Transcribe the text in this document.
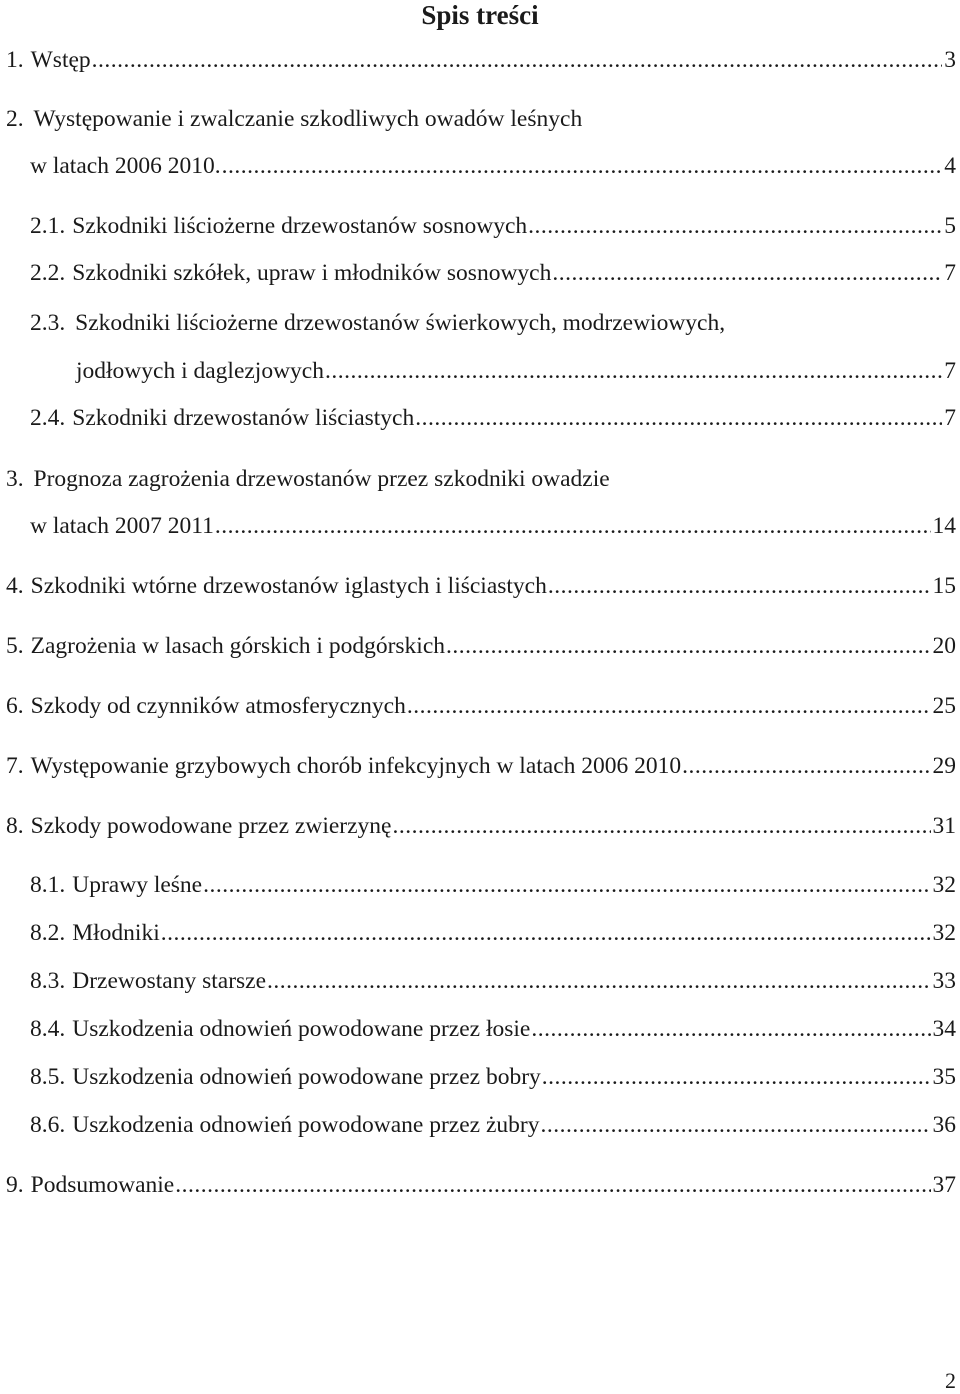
Spis treści
1. Wstęp .....	3
2. Występowanie i zwalczanie szkodliwych owadów leśnych
w latach 2006 2010. .....	4
2.1. Szkodniki liściożerne drzewostanów sosnowych .....	5
2.2. Szkodniki szkółek, upraw i młodników sosnowych .....	7
2.3. Szkodniki liściożerne drzewostanów świerkowych, modrzewiowych,
jodłowych i daglezjowych .....	7
2.4. Szkodniki drzewostanów liściastych .....	7
3. Prognoza zagrożenia drzewostanów przez szkodniki owadzie
w latach 2007 2011 .....	14
4. Szkodniki wtórne drzewostanów iglastych i liściastych .....	15
5. Zagrożenia w lasach górskich i podgórskich .....	20
6. Szkody od czynników atmosferycznych .....	25
7. Występowanie grzybowych chorób infekcyjnych w latach 2006 2010 .....	29
8. Szkody powodowane przez zwierzynę .....	31
8.1. Uprawy leśne .....	32
8.2. Młodniki .....	32
8.3. Drzewostany starsze .....	33
8.4. Uszkodzenia odnowień powodowane przez łosie .....	34
8.5. Uszkodzenia odnowień powodowane przez bobry .....	35
8.6. Uszkodzenia odnowień powodowane przez żubry .....	36
9. Podsumowanie .....	37
2
